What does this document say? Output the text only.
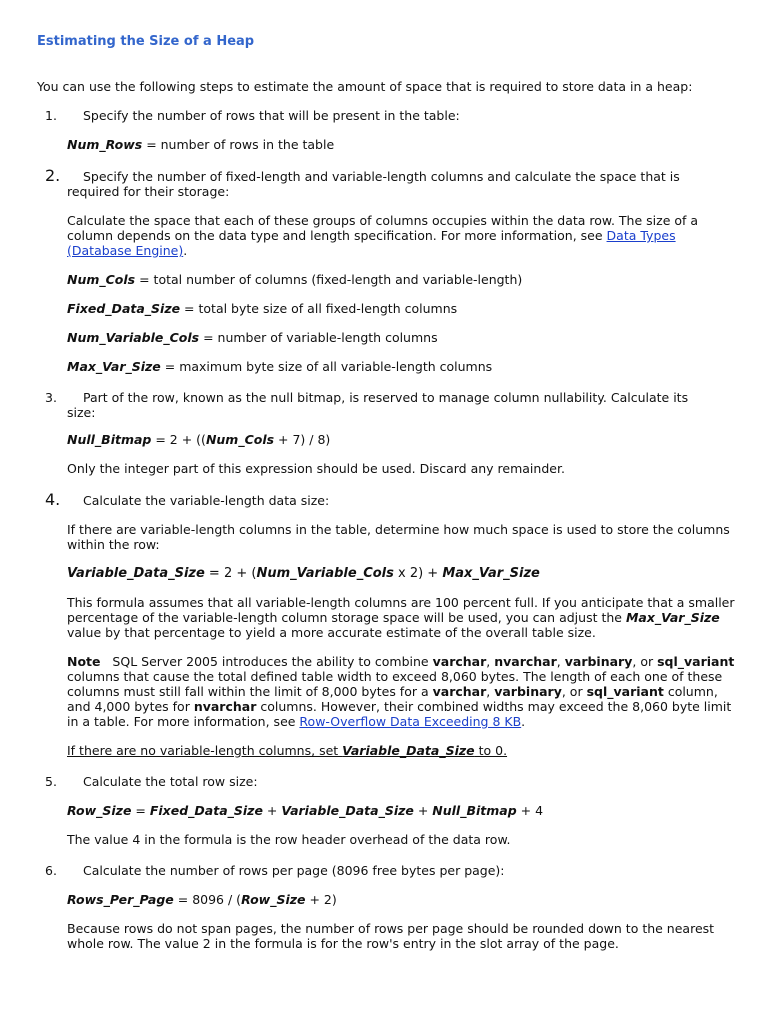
Estimating the Size of a Heap

You can use the following steps to estimate the amount of space that is required to store data in a heap:

1. Specify the number of rows that will be present in the table:

Num_Rows = number of rows in the table

2. Specify the number of fixed-length and variable-length columns and calculate the space that is

required for their storage:

Calculate the space that each of these groups of columns occupies within the data row. The size of a column depends on the data type and length specification. For more information, see Data Types (Database Engine).

Num_Cols = total number of columns (fixed-length and variable-length)

Fixed_Data_Size = total byte size of all fixed-length columns

Num_Variable_Cols = number of variable-length columns

Max_Var_Size = maximum byte size of all variable-length columns

3. Part of the row, known as the null bitmap, is reserved to manage column nullability. Calculate its

size:

Null_Bitmap = 2 + ((Num_Cols + 7) / 8)

Only the integer part of this expression should be used. Discard any remainder.

4. Calculate the variable-length data size:

If there are variable-length columns in the table, determine how much space is used to store the columns within the row:

Variable_Data_Size = 2 + (Num_Variable_Cols x 2) + Max_Var_Size

This formula assumes that all variable-length columns are 100 percent full. If you anticipate that a smaller percentage of the variable-length column storage space will be used, you can adjust the Max_Var_Size value by that percentage to yield a more accurate estimate of the overall table size.

Note   SQL Server 2005 introduces the ability to combine varchar, nvarchar, varbinary, or sql_variant columns that cause the total defined table width to exceed 8,060 bytes. The length of each one of these columns must still fall within the limit of 8,000 bytes for a varchar, varbinary, or sql_variant column, and 4,000 bytes for nvarchar columns. However, their combined widths may exceed the 8,060 byte limit in a table. For more information, see Row-Overflow Data Exceeding 8 KB.

If there are no variable-length columns, set Variable_Data_Size to 0.

5. Calculate the total row size:

Row_Size = Fixed_Data_Size + Variable_Data_Size + Null_Bitmap + 4

The value 4 in the formula is the row header overhead of the data row.

6. Calculate the number of rows per page (8096 free bytes per page):

Rows_Per_Page = 8096 / (Row_Size + 2)

Because rows do not span pages, the number of rows per page should be rounded down to the nearest whole row. The value 2 in the formula is for the row's entry in the slot array of the page.
